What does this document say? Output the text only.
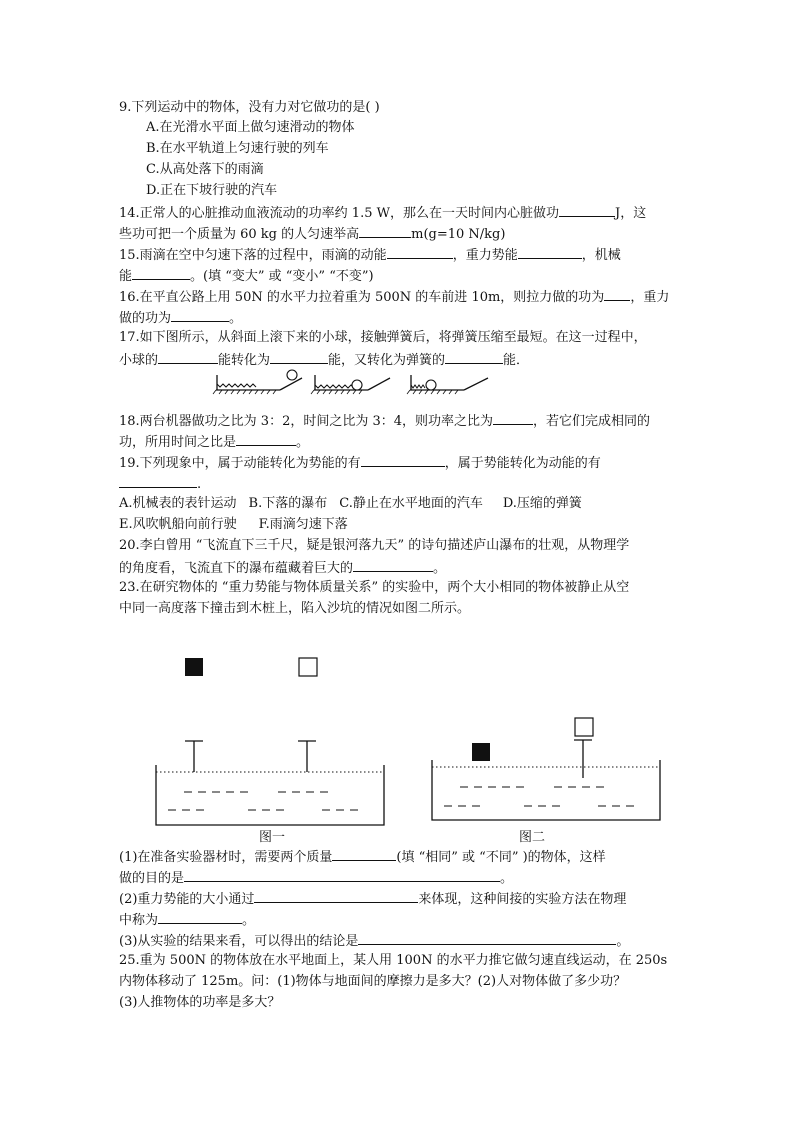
9.下列运动中的物体，没有力对它做功的是( )
A.在光滑水平面上做匀速滑动的物体
B.在水平轨道上匀速行驶的列车
C.从高处落下的雨滴
D.正在下坡行驶的汽车
14.正常人的心脏推动血液流动的功率约 1.5 W，那么在一天时间内心脏做功	J，这
些功可把一个质量为 60 kg 的人匀速举高	m(g=10 N/kg)
15.雨滴在空中匀速下落的过程中，雨滴的动能	，重力势能	，机械
能	。(填 “变大” 或 “变小” “不变”)
16.在平直公路上用 50N 的水平力拉着重为 500N 的车前进 10m，则拉力做的功为 ，重力
做的功为	。
17.如下图所示，从斜面上滚下来的小球，接触弹簧后，将弹簧压缩至最短。在这一过程中，
小球的	能转化为	能，又转化为弹簧的	能．
18.两台机器做功之比为 3：2，时间之比为 3：4，则功率之比为	，若它们完成相同的
功，所用时间之比是	。
19.下列现象中，属于动能转化为势能的有	，属于势能转化为动能的有
.
A.机械表的表针运动 B.下落的瀑布 C.静止在水平地面的汽车 D.压缩的弹簧
E.风吹帆船向前行驶 F.雨滴匀速下落
20.李白曾用 “飞流直下三千尺，疑是银河落九天” 的诗句描述庐山瀑布的壮观，从物理学
的角度看，飞流直下的瀑布蕴藏着巨大的	。
23.在研究物体的 “重力势能与物体质量关系” 的实验中，两个大小相同的物体被静止从空
中同一高度落下撞击到木桩上，陷入沙坑的情况如图二所示。
图一	图二
(1)在准备实验器材时，需要两个质量	(填 “相同” 或 “不同” )的物体，这样
做的目的是	。
(2)重力势能的大小通过	来体现，这种间接的实验方法在物理
中称为	。
(3)从实验的结果来看，可以得出的结论是	。
25.重为 500N 的物体放在水平地面上，某人用 100N 的水平力推它做匀速直线运动，在 250s
内物体移动了 125m。问：(1)物体与地面间的摩擦力是多大？(2)人对物体做了多少功？
(3)人推物体的功率是多大？
